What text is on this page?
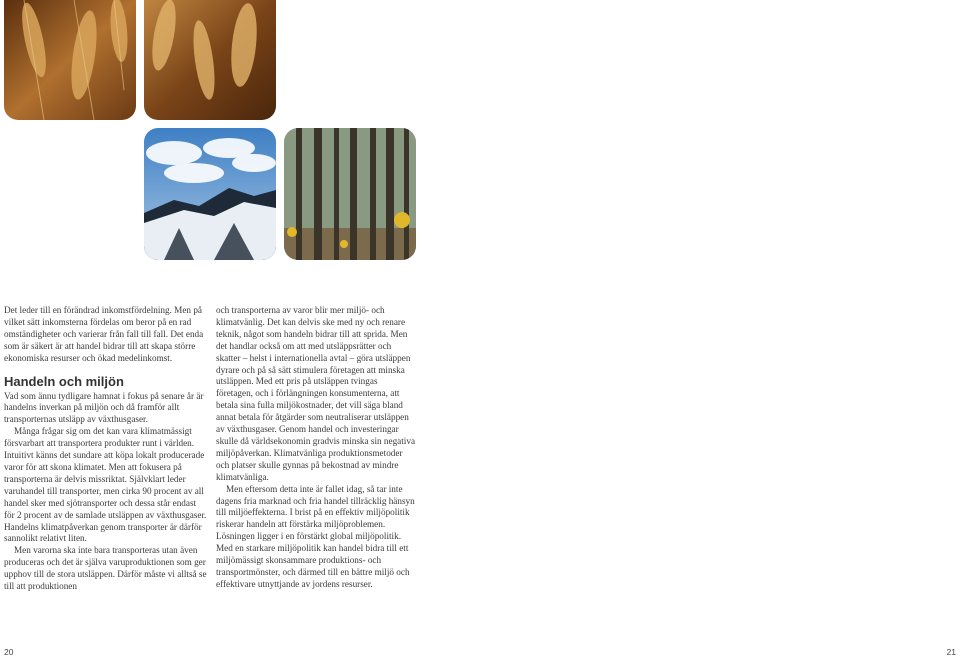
Det leder till en förändrad inkomstfördelning. Men på vilket sätt inkomsterna fördelas om beror på en rad omständigheter och varierar från fall till fall. Det enda som är säkert är att handel bidrar till att skapa större ekonomiska resurser och ökad medelinkomst.

Handeln och miljön

Vad som ännu tydligare hamnat i fokus på senare år är handelns inverkan på miljön och då framför allt transporternas utsläpp av växthusgaser.

Många frågar sig om det kan vara klimatmässigt försvarbart att transportera produkter runt i världen. Intuitivt känns det sundare att köpa lokalt producerade varor för att skona klimatet. Men att fokusera på transporterna är delvis missriktat. Självklart leder varuhandel till transporter, men cirka 90 procent av all handel sker med sjötransporter och dessa står endast för 2 procent av de samlade utsläppen av växthusgaser. Handelns klimatpåverkan genom transporter är därför sannolikt relativt liten.

Men varorna ska inte bara transporteras utan även produceras och det är själva varuproduktionen som ger upphov till de stora utsläppen. Därför måste vi alltså se till att produktionen

och transporterna av varor blir mer miljö- och klimatvänlig. Det kan delvis ske med ny och renare teknik, något som handeln bidrar till att sprida. Men det handlar också om att med utsläppsrätter och skatter – helst i internationella avtal – göra utsläppen dyrare och på så sätt stimulera företagen att minska utsläppen. Med ett pris på utsläppen tvingas företagen, och i förlängningen konsumenterna, att betala sina fulla miljökostnader, det vill säga bland annat betala för åtgärder som neutraliserar utsläppen av växthusgaser. Genom handel och investeringar skulle då världsekonomin gradvis minska sin negativa miljöpåverkan. Klimatvänliga produktionsmetoder och platser skulle gynnas på bekostnad av mindre klimatvänliga.

Men eftersom detta inte är fallet idag, så tar inte dagens fria marknad och fria handel tillräcklig hänsyn till miljöeffekterna. I brist på en effektiv miljöpolitik riskerar handeln att förstärka miljöproblemen. Lösningen ligger i en förstärkt global miljöpolitik. Med en starkare miljöpolitik kan handel bidra till ett miljömässigt skonsammare produktions- och transportmönster, och därmed till en bättre miljö och effektivare utnyttjande av jordens resurser.

20	21
